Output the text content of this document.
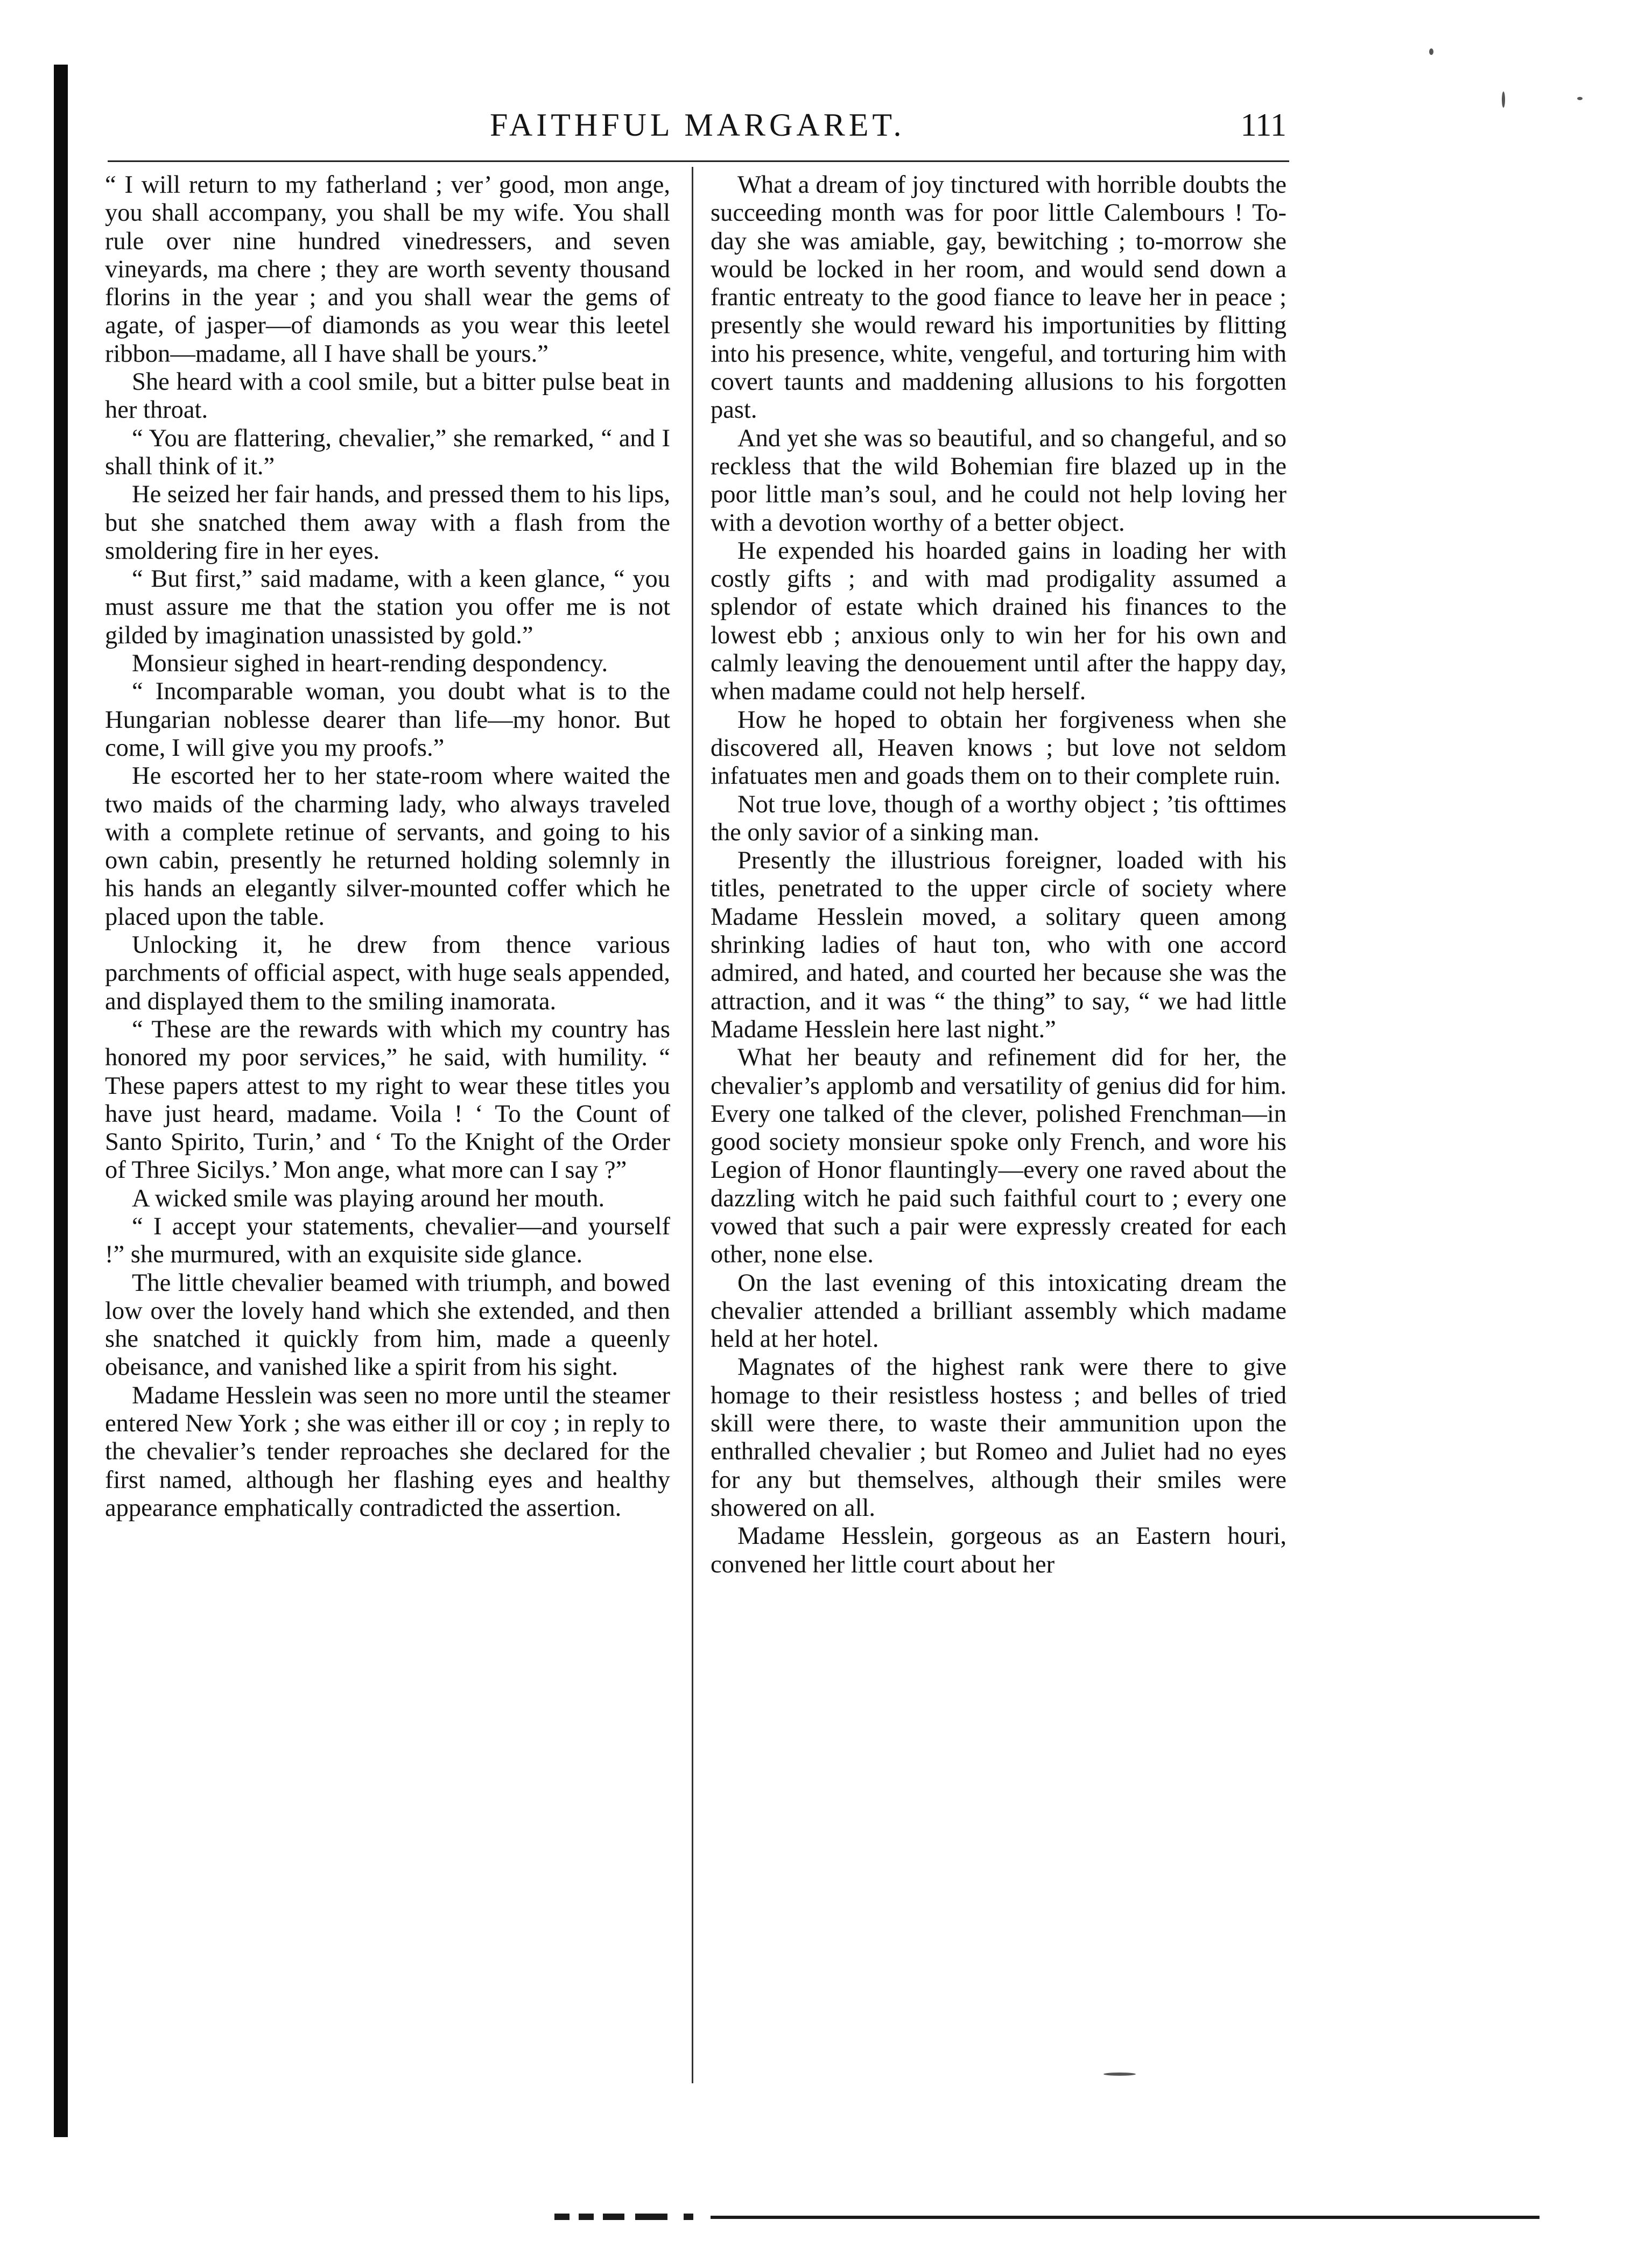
FAITHFUL MARGARET.	111

“ I will return to my fatherland ; ver’ good, mon ange, you shall accompany, you shall be my wife. You shall rule over nine hundred vinedressers, and seven vineyards, ma chere ; they are worth seventy thousand florins in the year ; and you shall wear the gems of agate, of jasper—of diamonds as you wear this leetel ribbon—madame, all I have shall be yours.”

She heard with a cool smile, but a bitter pulse beat in her throat.

“ You are flattering, chevalier,” she remarked, “ and I shall think of it.”

He seized her fair hands, and pressed them to his lips, but she snatched them away with a flash from the smoldering fire in her eyes.

“ But first,” said madame, with a keen glance, “ you must assure me that the station you offer me is not gilded by imagination unassisted by gold.”

Monsieur sighed in heart-rending despondency.

“ Incomparable woman, you doubt what is to the Hungarian noblesse dearer than life—my honor. But come, I will give you my proofs.”

He escorted her to her state-room where waited the two maids of the charming lady, who always traveled with a complete retinue of servants, and going to his own cabin, presently he returned holding solemnly in his hands an elegantly silver-mounted coffer which he placed upon the table.

Unlocking it, he drew from thence various parchments of official aspect, with huge seals appended, and displayed them to the smiling inamorata.

“ These are the rewards with which my country has honored my poor services,” he said, with humility. “ These papers attest to my right to wear these titles you have just heard, madame. Voila ! ‘ To the Count of Santo Spirito, Turin,’ and ‘ To the Knight of the Order of Three Sicilys.’ Mon ange, what more can I say ?”

A wicked smile was playing around her mouth.

“ I accept your statements, chevalier—and yourself !” she murmured, with an exquisite side glance.

The little chevalier beamed with triumph, and bowed low over the lovely hand which she extended, and then she snatched it quickly from him, made a queenly obeisance, and vanished like a spirit from his sight.

Madame Hesslein was seen no more until the steamer entered New York ; she was either ill or coy ; in reply to the chevalier’s tender reproaches she declared for the first named, although her flashing eyes and healthy appearance emphatically contradicted the assertion.

What a dream of joy tinctured with horrible doubts the succeeding month was for poor little Calembours ! To-day she was amiable, gay, bewitching ; to-morrow she would be locked in her room, and would send down a frantic entreaty to the good fiance to leave her in peace ; presently she would reward his importunities by flitting into his presence, white, vengeful, and torturing him with covert taunts and maddening allusions to his forgotten past.

And yet she was so beautiful, and so changeful, and so reckless that the wild Bohemian fire blazed up in the poor little man’s soul, and he could not help loving her with a devotion worthy of a better object.

He expended his hoarded gains in loading her with costly gifts ; and with mad prodigality assumed a splendor of estate which drained his finances to the lowest ebb ; anxious only to win her for his own and calmly leaving the denouement until after the happy day, when madame could not help herself.

How he hoped to obtain her forgiveness when she discovered all, Heaven knows ; but love not seldom infatuates men and goads them on to their complete ruin.

Not true love, though of a worthy object ; ’tis ofttimes the only savior of a sinking man.

Presently the illustrious foreigner, loaded with his titles, penetrated to the upper circle of society where Madame Hesslein moved, a solitary queen among shrinking ladies of haut ton, who with one accord admired, and hated, and courted her because she was the attraction, and it was “ the thing” to say, “ we had little Madame Hesslein here last night.”

What her beauty and refinement did for her, the chevalier’s applomb and versatility of genius did for him. Every one talked of the clever, polished Frenchman—in good society monsieur spoke only French, and wore his Legion of Honor flauntingly—every one raved about the dazzling witch he paid such faithful court to ; every one vowed that such a pair were expressly created for each other, none else.

On the last evening of this intoxicating dream the chevalier attended a brilliant assembly which madame held at her hotel.

Magnates of the highest rank were there to give homage to their resistless hostess ; and belles of tried skill were there, to waste their ammunition upon the enthralled chevalier ; but Romeo and Juliet had no eyes for any but themselves, although their smiles were showered on all.

Madame Hesslein, gorgeous as an Eastern houri, convened her little court about her
